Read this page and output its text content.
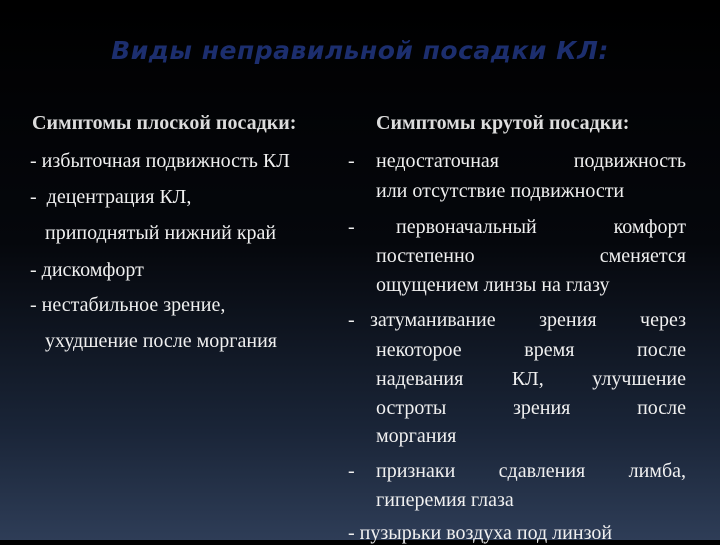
Виды неправильной посадки КЛ:
Симптомы плоской посадки:	Симптомы крутой посадки:
- избыточная подвижность КЛ
-  децентрация КЛ,
приподнятый нижний край
- дискомфорт
- нестабильное зрение,
ухудшение после моргания
- недостаточная подвижность
или отсутствие подвижности
- первоначальный комфорт
постепенно сменяется
ощущением линзы на глазу
- затуманивание зрения через
некоторое время после
надевания КЛ, улучшение
остроты зрения после
моргания
- признаки сдавления лимба,
гиперемия глаза
- пузырьки воздуха под линзой
